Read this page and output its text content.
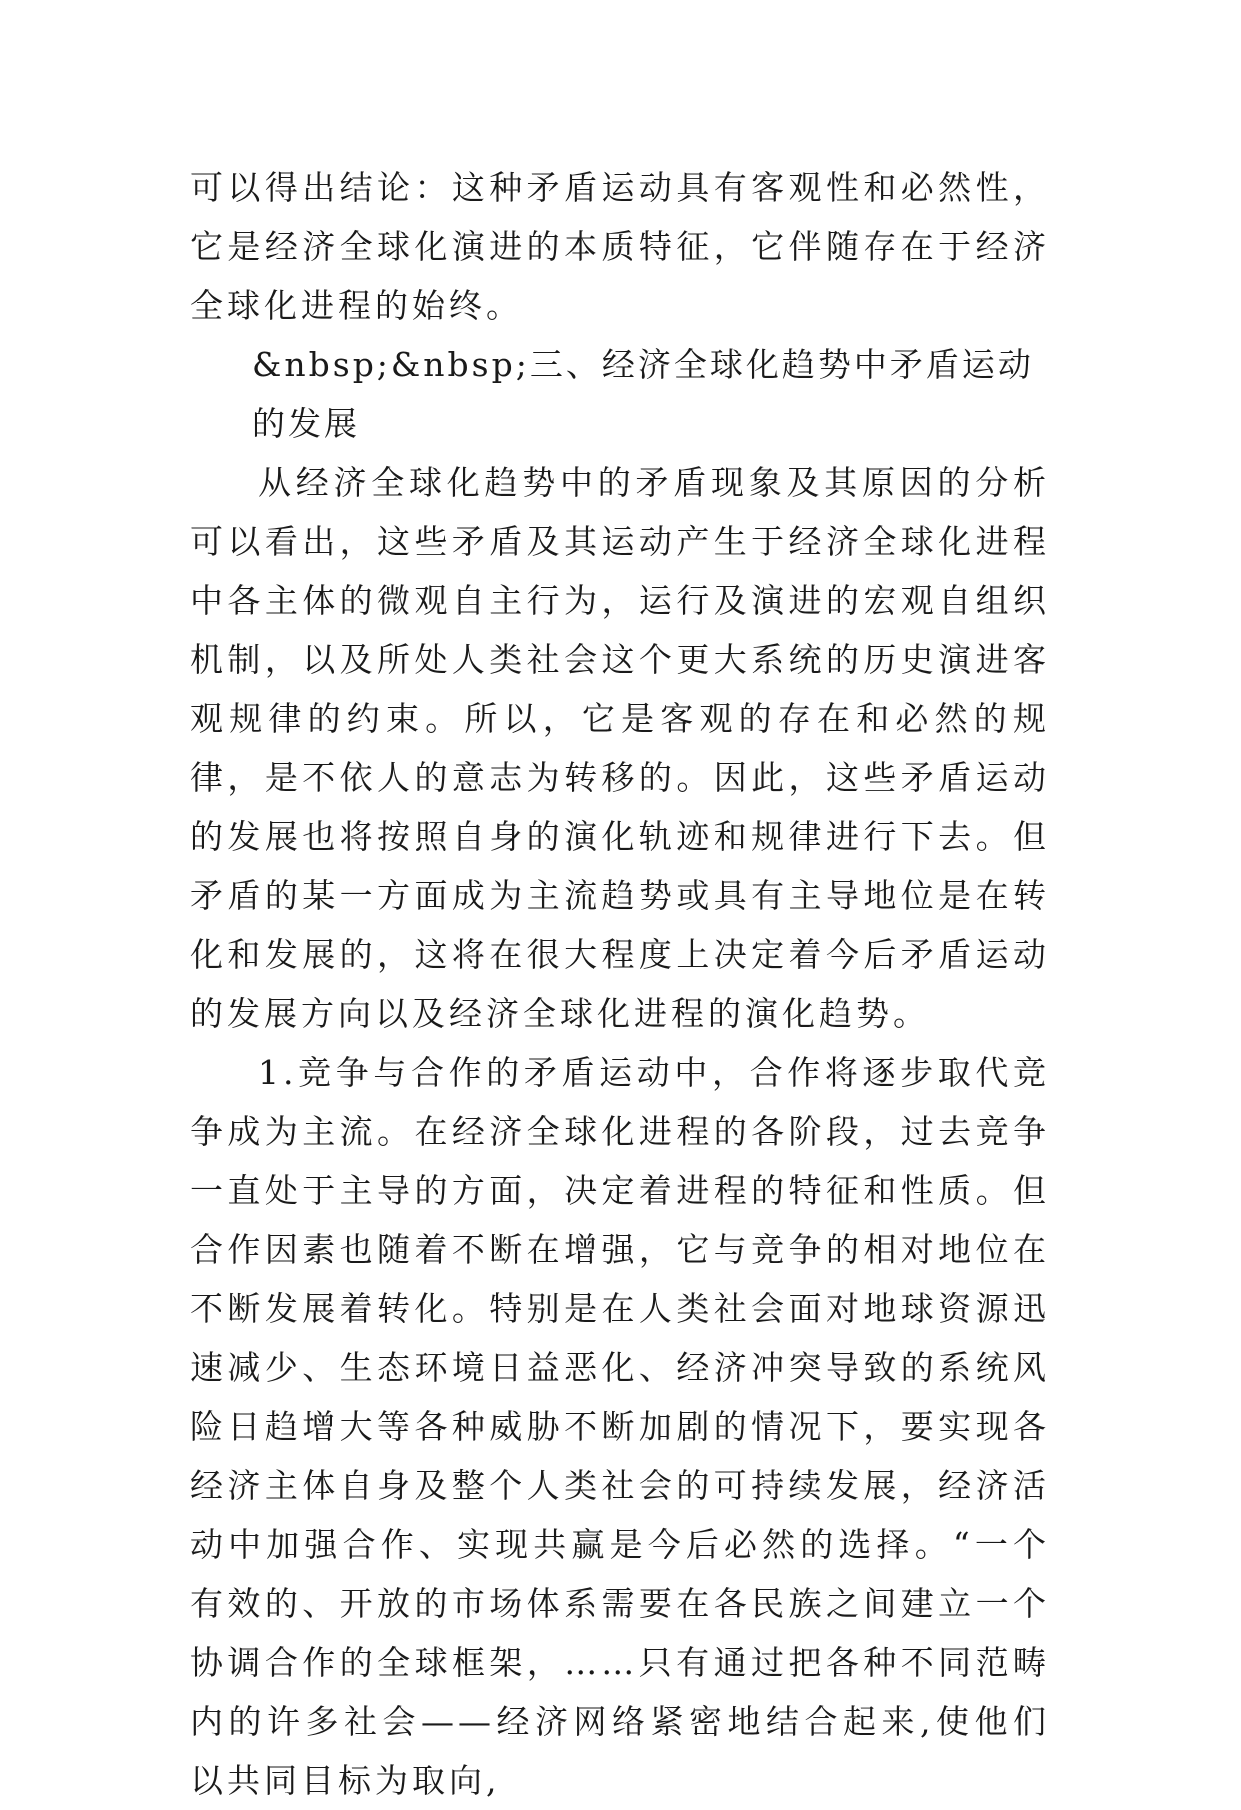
可以得出结论：这种矛盾运动具有客观性和必然性，它是经济全球化演进的本质特征，它伴随存在于经济全球化进程的始终。

&nbsp;&nbsp;三、经济全球化趋势中矛盾运动的发展

从经济全球化趋势中的矛盾现象及其原因的分析可以看出，这些矛盾及其运动产生于经济全球化进程中各主体的微观自主行为，运行及演进的宏观自组织机制，以及所处人类社会这个更大系统的历史演进客观规律的约束。所以，它是客观的存在和必然的规律，是不依人的意志为转移的。因此，这些矛盾运动的发展也将按照自身的演化轨迹和规律进行下去。但矛盾的某一方面成为主流趋势或具有主导地位是在转化和发展的，这将在很大程度上决定着今后矛盾运动的发展方向以及经济全球化进程的演化趋势。

1.竞争与合作的矛盾运动中，合作将逐步取代竞争成为主流。在经济全球化进程的各阶段，过去竞争一直处于主导的方面，决定着进程的特征和性质。但合作因素也随着不断在增强，它与竞争的相对地位在不断发展着转化。特别是在人类社会面对地球资源迅速减少、生态环境日益恶化、经济冲突导致的系统风险日趋增大等各种威胁不断加剧的情况下，要实现各经济主体自身及整个人类社会的可持续发展，经济活动中加强合作、实现共赢是今后必然的选择。“一个有效的、开放的市场体系需要在各民族之间建立一个协调合作的全球框架，……只有通过把各种不同范畴内的许多社会——经济网络紧密地结合起来,使他们以共同目标为取向,
